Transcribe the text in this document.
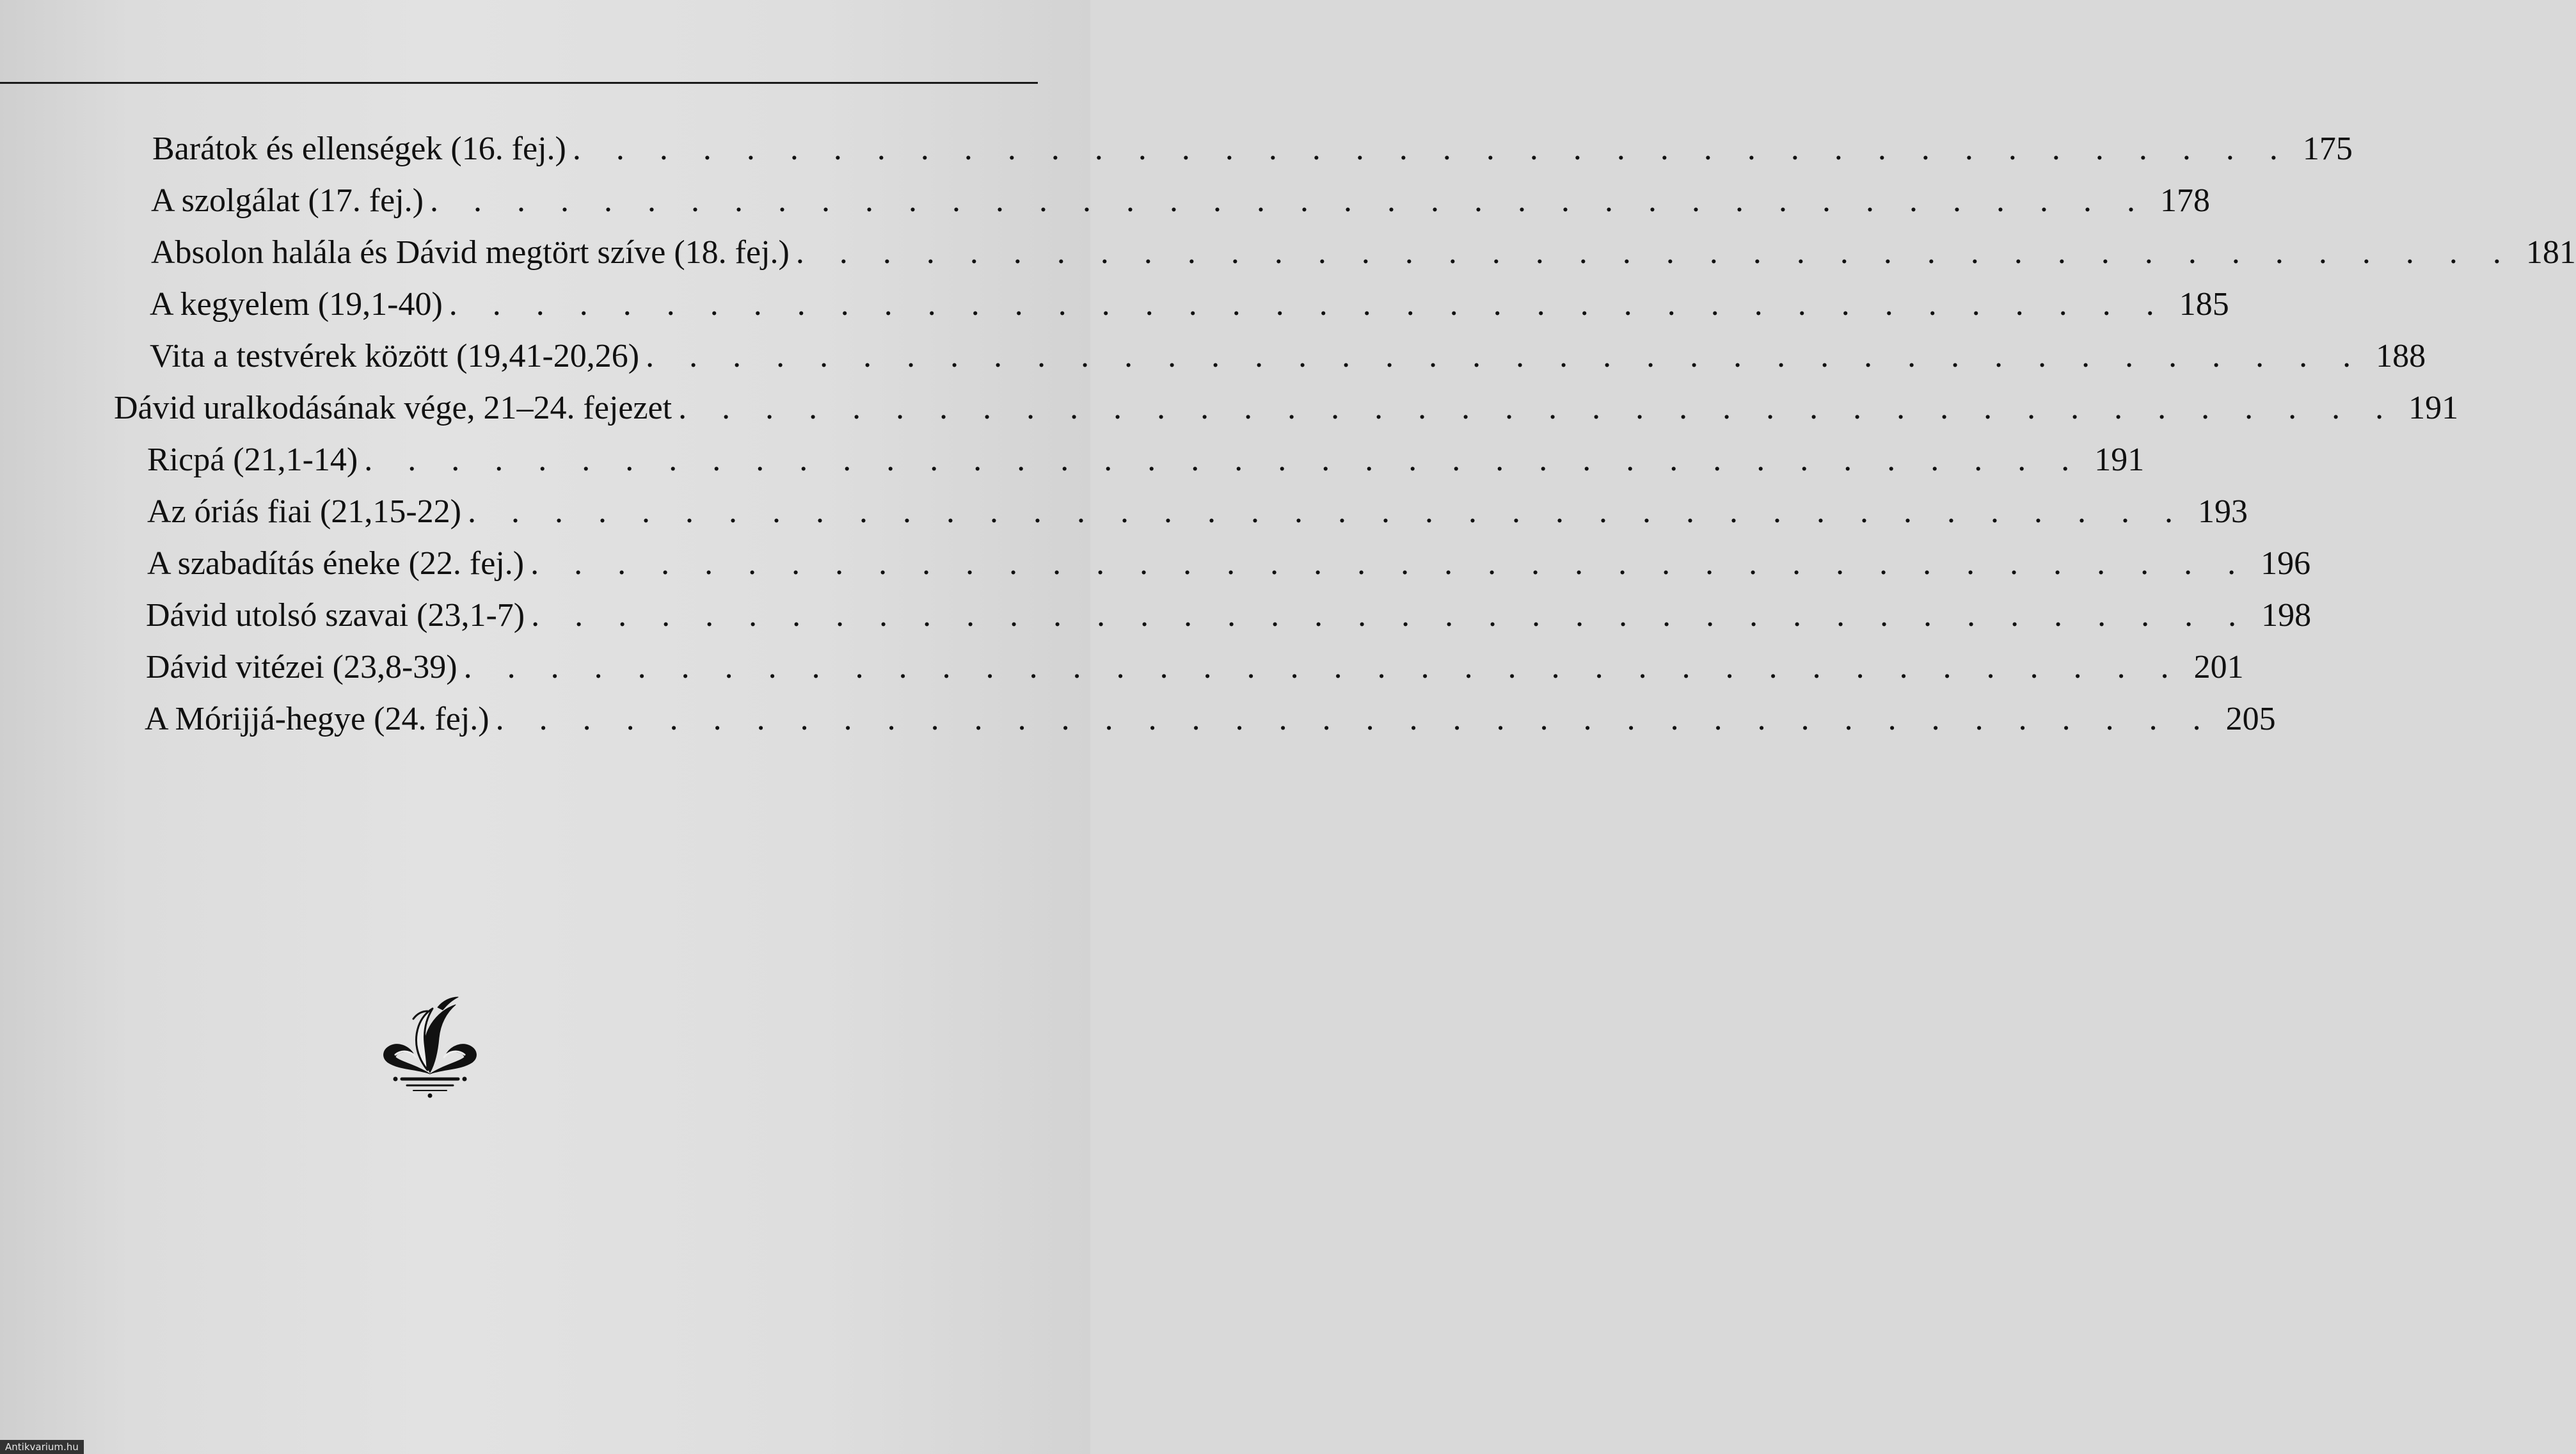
Barátok és ellenségek (16. fej.) . . . . . . . . . . . . . . . . . . . . . . . . . . . . . . . . . . . . . . . . 175
A szolgálat (17. fej.) . . . . . . . . . . . . . . . . . . . . . . . . . . . . . . . . . . . . . . . . 178
Absolon halála és Dávid megtört szíve (18. fej.) . . . . . . . . . . . . . . . . . . . . . . . . . . . . . . . . . . . . . . . . 181
A kegyelem (19,1-40) . . . . . . . . . . . . . . . . . . . . . . . . . . . . . . . . . . . . . . . . 185
Vita a testvérek között (19,41-20,26) . . . . . . . . . . . . . . . . . . . . . . . . . . . . . . . . . . . . . . . . 188
Dávid uralkodásának vége, 21–24. fejezet . . . . . . . . . . . . . . . . . . . . . . . . . . . . . . . . . . . . . . . . 191
Ricpá (21,1-14) . . . . . . . . . . . . . . . . . . . . . . . . . . . . . . . . . . . . . . . . 191
Az óriás fiai (21,15-22) . . . . . . . . . . . . . . . . . . . . . . . . . . . . . . . . . . . . . . . . 193
A szabadítás éneke (22. fej.) . . . . . . . . . . . . . . . . . . . . . . . . . . . . . . . . . . . . . . . . 196
Dávid utolsó szavai (23,1-7) . . . . . . . . . . . . . . . . . . . . . . . . . . . . . . . . . . . . . . . . 198
Dávid vitézei (23,8-39) . . . . . . . . . . . . . . . . . . . . . . . . . . . . . . . . . . . . . . . . 201
A Mórijjá-hegye (24. fej.) . . . . . . . . . . . . . . . . . . . . . . . . . . . . . . . . . . . . . . . . 205
Antikvarium.hu
